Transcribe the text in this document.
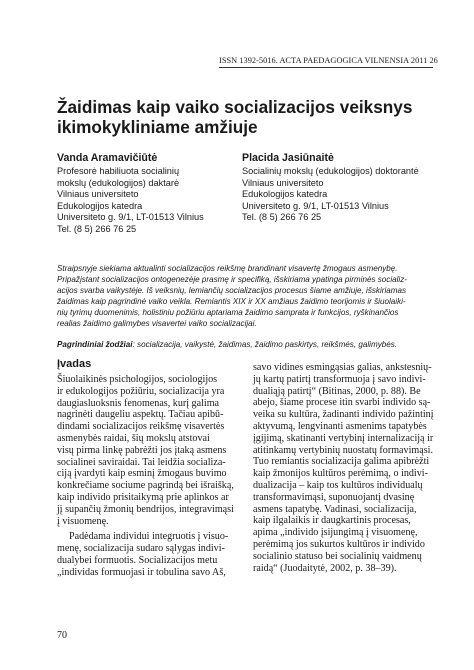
ISSN 1392-5016. ACTA PAEDAGOGICA VILNENSIA 2011 26
Žaidimas kaip vaiko socializacijos veiksnys
ikimokykliniame amžiuje
Vanda Aramavičiūtė
Profesorė habiliuota socialinių
mokslų (edukologijos) daktarė
Vilniaus universiteto
Edukologijos katedra
Universiteto g. 9/1, LT-01513 Vilnius
Tel. (8 5) 266 76 25
Placida Jasiūnaitė
Socialinių mokslų (edukologijos) doktorantė
Vilniaus universiteto
Edukologijos katedra
Universiteto g. 9/1, LT-01513 Vilnius
Tel. (8 5) 266 76 25
Straipsnyje siekiama aktualinti socializacijos reikšmę brandinant visavertę žmogaus asmenybę.
Pripažįstant socializacijos ontogenezėje prasmę ir specifiką, išskiriama ypatinga pirminės socializ-
acijos svarba vaikystėje. Iš veiksnių, lemiančių socializacijos procesus šiame amžiuje, išskiriamas
žaidimas kaip pagrindinė vaiko veikla. Remiantis XIX ir XX amžiaus žaidimo teorijomis ir šiuolaiki-
nių tyrimų duomenimis, holistiniu požiūriu aptariama žaidimo samprata ir funkcijos, ryškinančios
realias žaidimo galimybes visavertei vaiko socializacijai.
Pagrindiniai žodžiai: socializacija, vaikystė, žaidimas, žaidimo paskirtys, reikšmės, galimybės.
Įvadas
Šiuolaikinės psichologijos, sociologijos
ir edukologijos požiūriu, socializacija yra
daugiasluoksnis fenomenas, kurį galima
nagrinėti daugeliu aspektų. Tačiau apibū-
dindami socializacijos reikšmę visavertės
asmenybės raidai, šių mokslų atstovai
visų pirma linkę pabrėžti jos įtaką asmens
socialinei saviraidai. Tai leidžia socializa-
ciją įvardyti kaip esminį žmogaus buvimo
konkrečiame sociume pagrindą bei išraišką,
kaip individo prisitaikymą prie aplinkos ar
jį supančių žmonių bendrijos, integravimąsi
į visuomenę.
Padėdama individui integruotis į visuo-
menę, socializacija sudaro sąlygas indivi-
dualybei formuotis. Socializacijos metu
„individas formuojasi ir tobulina savo Aš,
savo vidines esmingąsias galias, ankstesnių-
jų kartų patirtį transformuoja į savo indivi-
dualiąją patirtį“ (Bitinas, 2000, p. 88). Be
abejo, šiame procese itin svarbi individo są-
veika su kultūra, žadinanti individo pažintinį
aktyvumą, lengvinanti asmenims tapatybės
įgijimą, skatinanti vertybinį internalizaciją ir
atitinkamų vertybinių nuostatų formavimąsi.
Tuo remiantis socializacija galima apibrėžti
kaip žmonijos kultūros perėmimą, o indivi-
dualizacija – kaip tos kultūros individualų
transformavimąsi, suponuojantį dvasinę
asmens tapatybę. Vadinasi, socializacija,
kaip ilgalaikis ir daugkartinis procesas,
apima „individo įsijungimą į visuomenę,
perėmimą jos sukurtos kultūros ir individo
socialinio statuso bei socialinių vaidmenų
raidą“ (Juodaitytė, 2002, p. 38–39).
70
